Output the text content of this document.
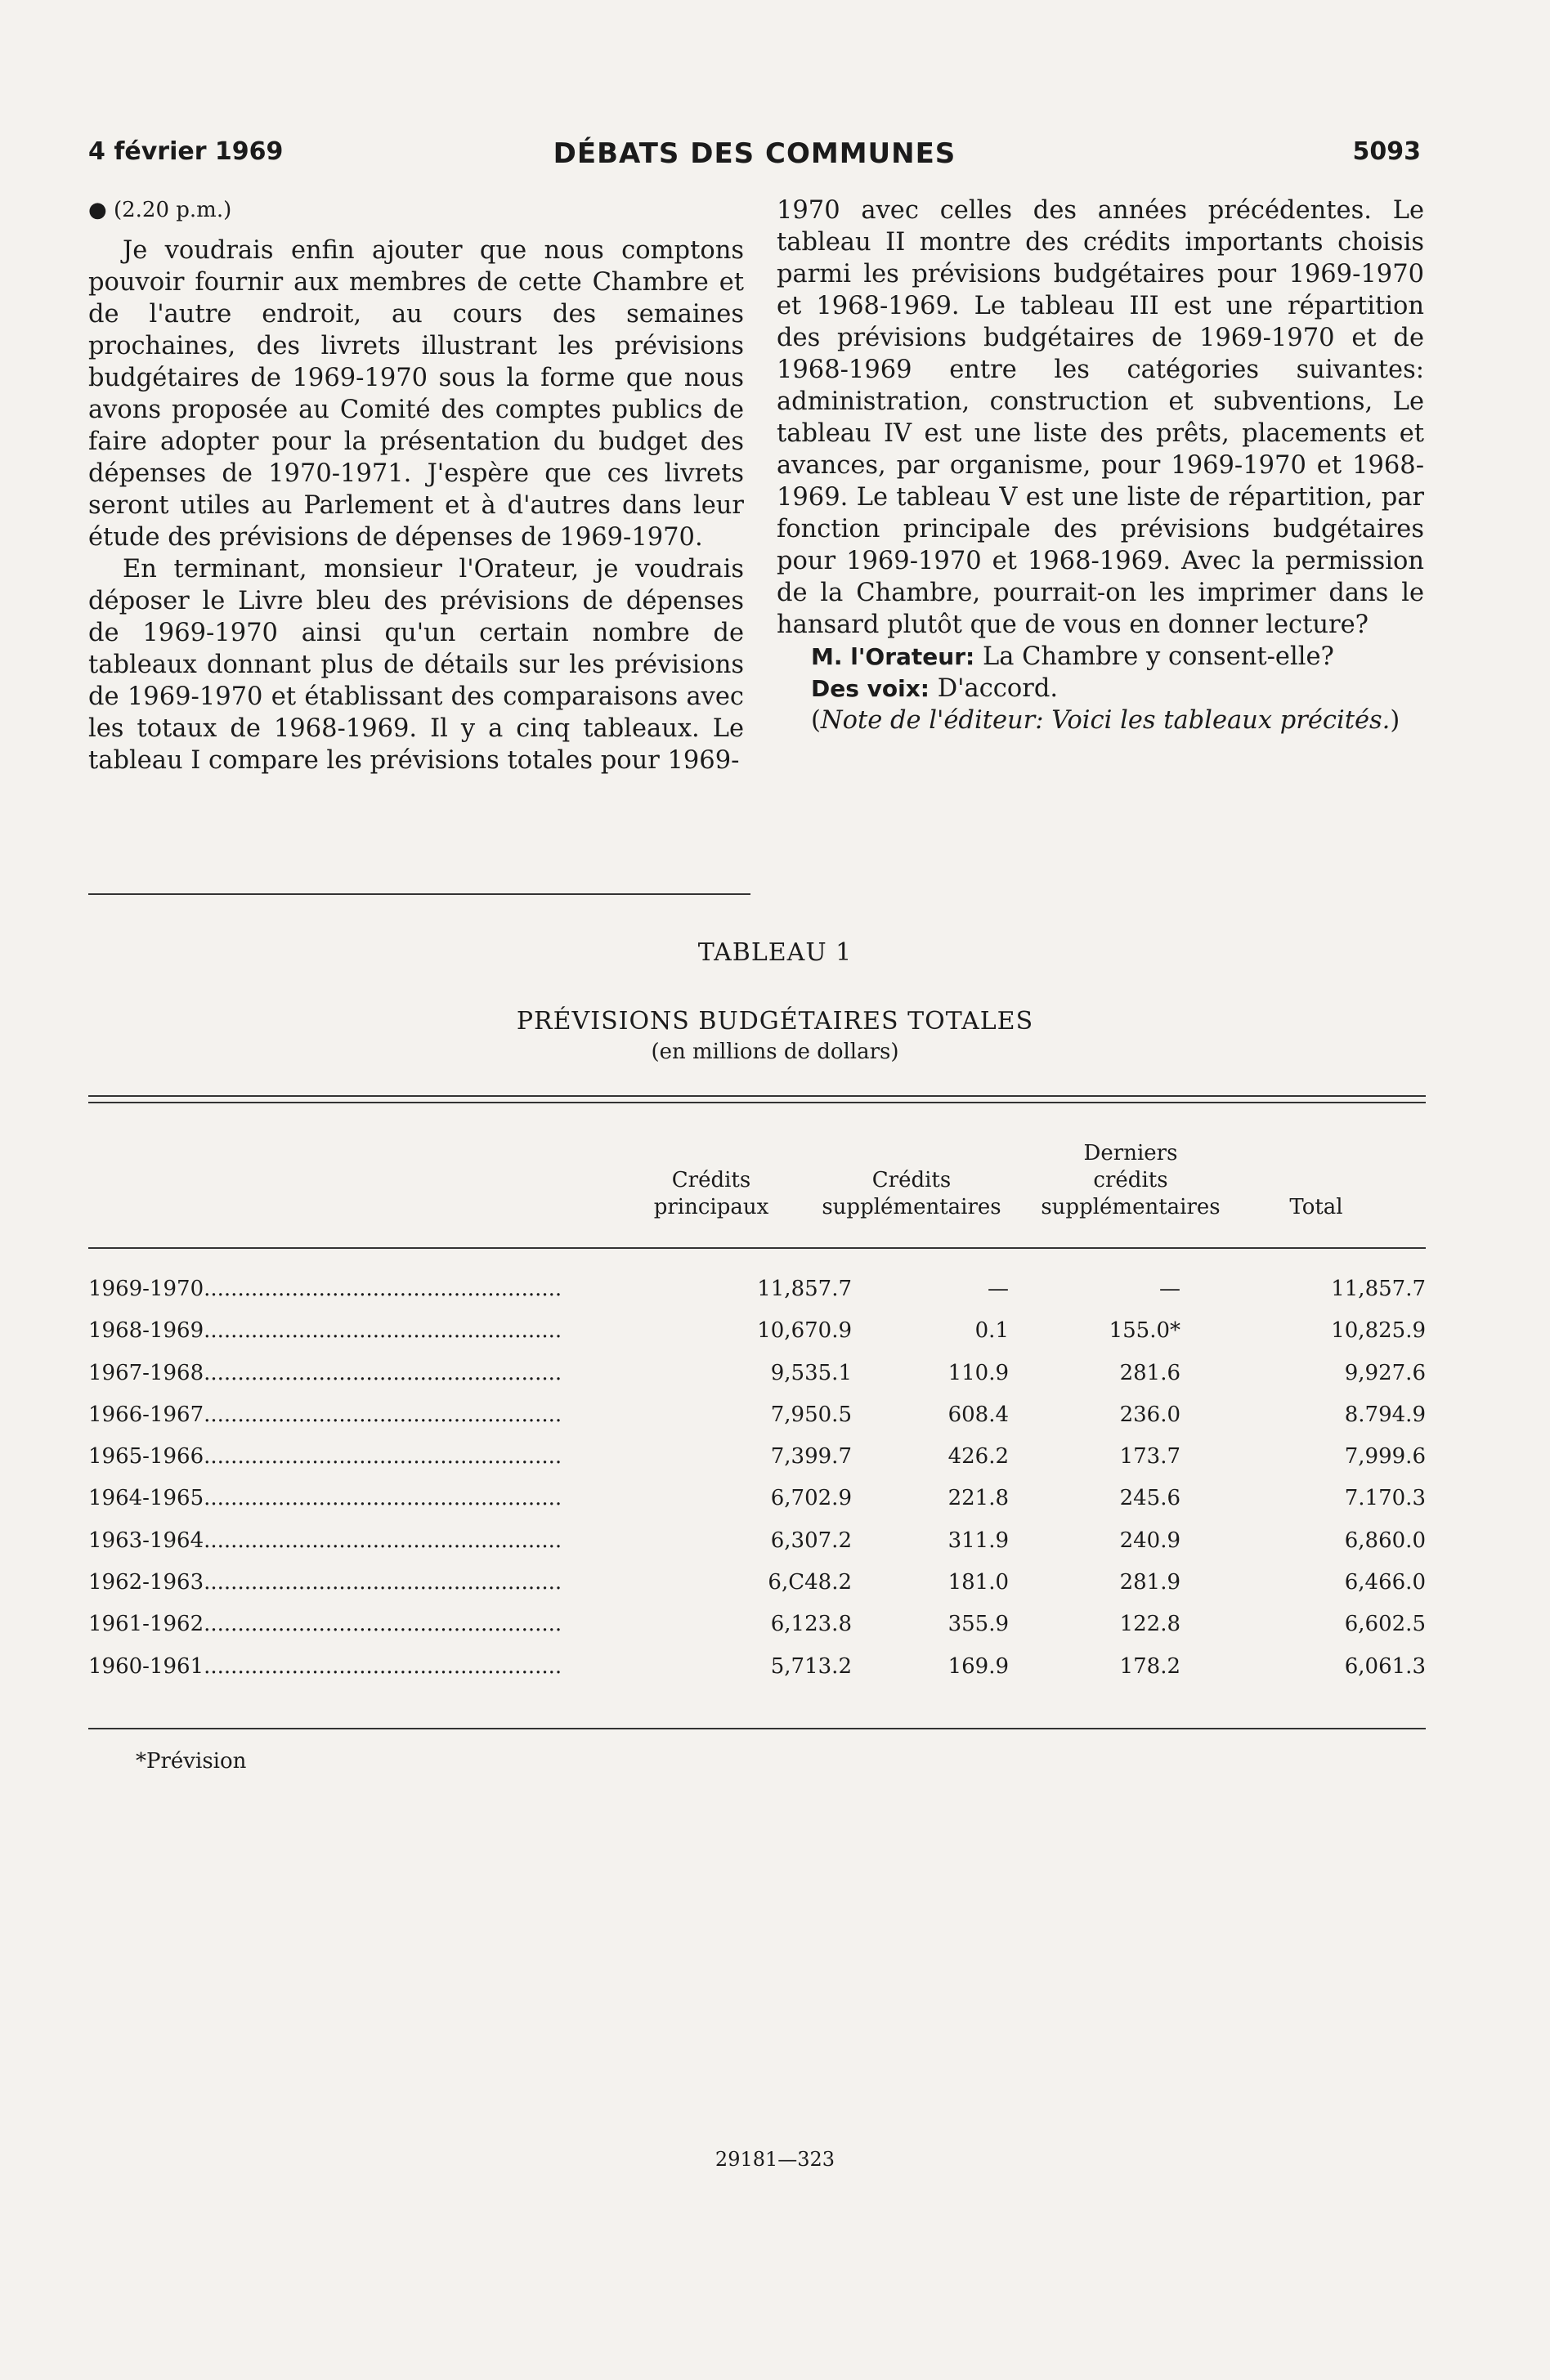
4 février 1969	DÉBATS DES COMMUNES	5093

● (2.20 p.m.)

Je voudrais enfin ajouter que nous comptons pouvoir fournir aux membres de cette Chambre et de l'autre endroit, au cours des semaines prochaines, des livrets illustrant les prévisions budgétaires de 1969-1970 sous la forme que nous avons proposée au Comité des comptes publics de faire adopter pour la présentation du budget des dépenses de 1970-1971. J'espère que ces livrets seront utiles au Parlement et à d'autres dans leur étude des prévisions de dépenses de 1969-1970.

En terminant, monsieur l'Orateur, je voudrais déposer le Livre bleu des prévisions de dépenses de 1969-1970 ainsi qu'un certain nombre de tableaux donnant plus de détails sur les prévisions de 1969-1970 et établissant des comparaisons avec les totaux de 1968-1969. Il y a cinq tableaux. Le tableau I compare les prévisions totales pour 1969-

1970 avec celles des années précédentes. Le tableau II montre des crédits importants choisis parmi les prévisions budgétaires pour 1969-1970 et 1968-1969. Le tableau III est une répartition des prévisions budgétaires de 1969-1970 et de 1968-1969 entre les catégories suivantes: administration, construction et subventions, Le tableau IV est une liste des prêts, placements et avances, par organisme, pour 1969-1970 et 1968-1969. Le tableau V est une liste de répartition, par fonction principale des prévisions budgétaires pour 1969-1970 et 1968-1969. Avec la permission de la Chambre, pourrait-on les imprimer dans le hansard plutôt que de vous en donner lecture?

M. l'Orateur: La Chambre y consent-elle?

Des voix: D'accord.

(Note de l'éditeur: Voici les tableaux précités.)

TABLEAU 1
PRÉVISIONS BUDGÉTAIRES TOTALES
(en millions de dollars)
Crédits
principaux
Crédits
supplémentaires
Derniers
crédits
supplémentaires	Total
1969-1970.....................................................	11,857.7	—	—	11,857.7
1968-1969.....................................................	10,670.9	0.1	155.0*	10,825.9
1967-1968.....................................................	9,535.1	110.9	281.6	9,927.6
1966-1967.....................................................	7,950.5	608.4	236.0	8.794.9
1965-1966.....................................................	7,399.7	426.2	173.7	7,999.6
1964-1965.....................................................	6,702.9	221.8	245.6	7.170.3
1963-1964.....................................................	6,307.2	311.9	240.9	6,860.0
1962-1963.....................................................	6,C48.2	181.0	281.9	6,466.0
1961-1962.....................................................	6,123.8	355.9	122.8	6,602.5
1960-1961.....................................................	5,713.2	169.9	178.2	6,061.3
*Prévision
29181—323
